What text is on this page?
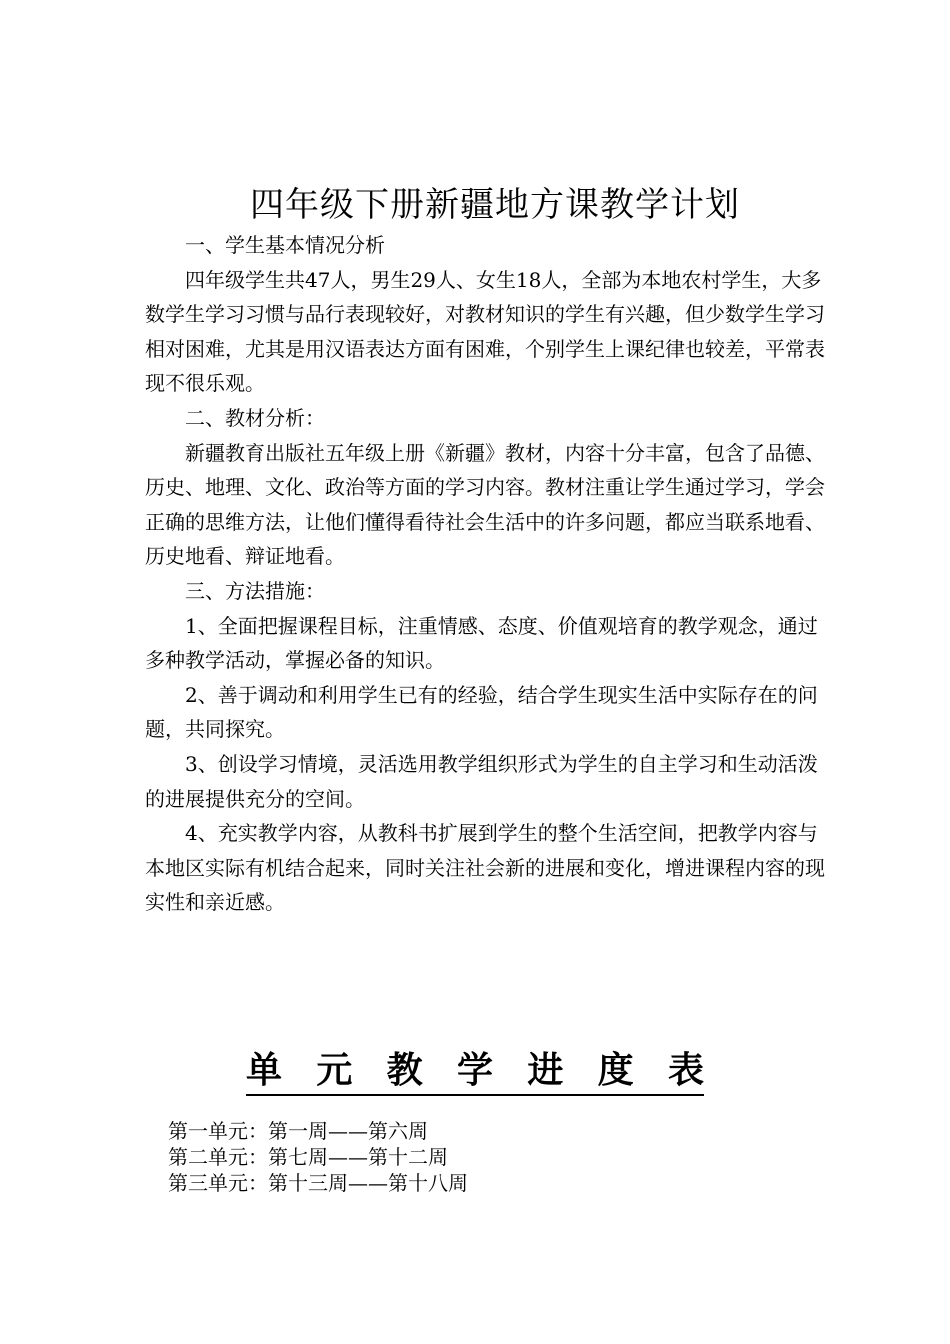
四年级下册新疆地方课教学计划

一、学生基本情况分析

四年级学生共47人，男生29人、女生18人，全部为本地农村学生，大多数学生学习习惯与品行表现较好，对教材知识的学生有兴趣，但少数学生学习相对困难，尤其是用汉语表达方面有困难，个别学生上课纪律也较差，平常表现不很乐观。

二、教材分析：

新疆教育出版社五年级上册《新疆》教材，内容十分丰富，包含了品德、历史、地理、文化、政治等方面的学习内容。教材注重让学生通过学习，学会正确的思维方法，让他们懂得看待社会生活中的许多问题，都应当联系地看、历史地看、辩证地看。

三、方法措施：

1、全面把握课程目标，注重情感、态度、价值观培育的教学观念，通过多种教学活动，掌握必备的知识。

2、善于调动和利用学生已有的经验，结合学生现实生活中实际存在的问题，共同探究。

3、创设学习情境，灵活选用教学组织形式为学生的自主学习和生动活泼的进展提供充分的空间。

4、充实教学内容，从教科书扩展到学生的整个生活空间，把教学内容与本地区实际有机结合起来，同时关注社会新的进展和变化，增进课程内容的现实性和亲近感。

单元教学进度表
第一单元：第一周——第六周
第二单元：第七周——第十二周
第三单元：第十三周——第十八周
